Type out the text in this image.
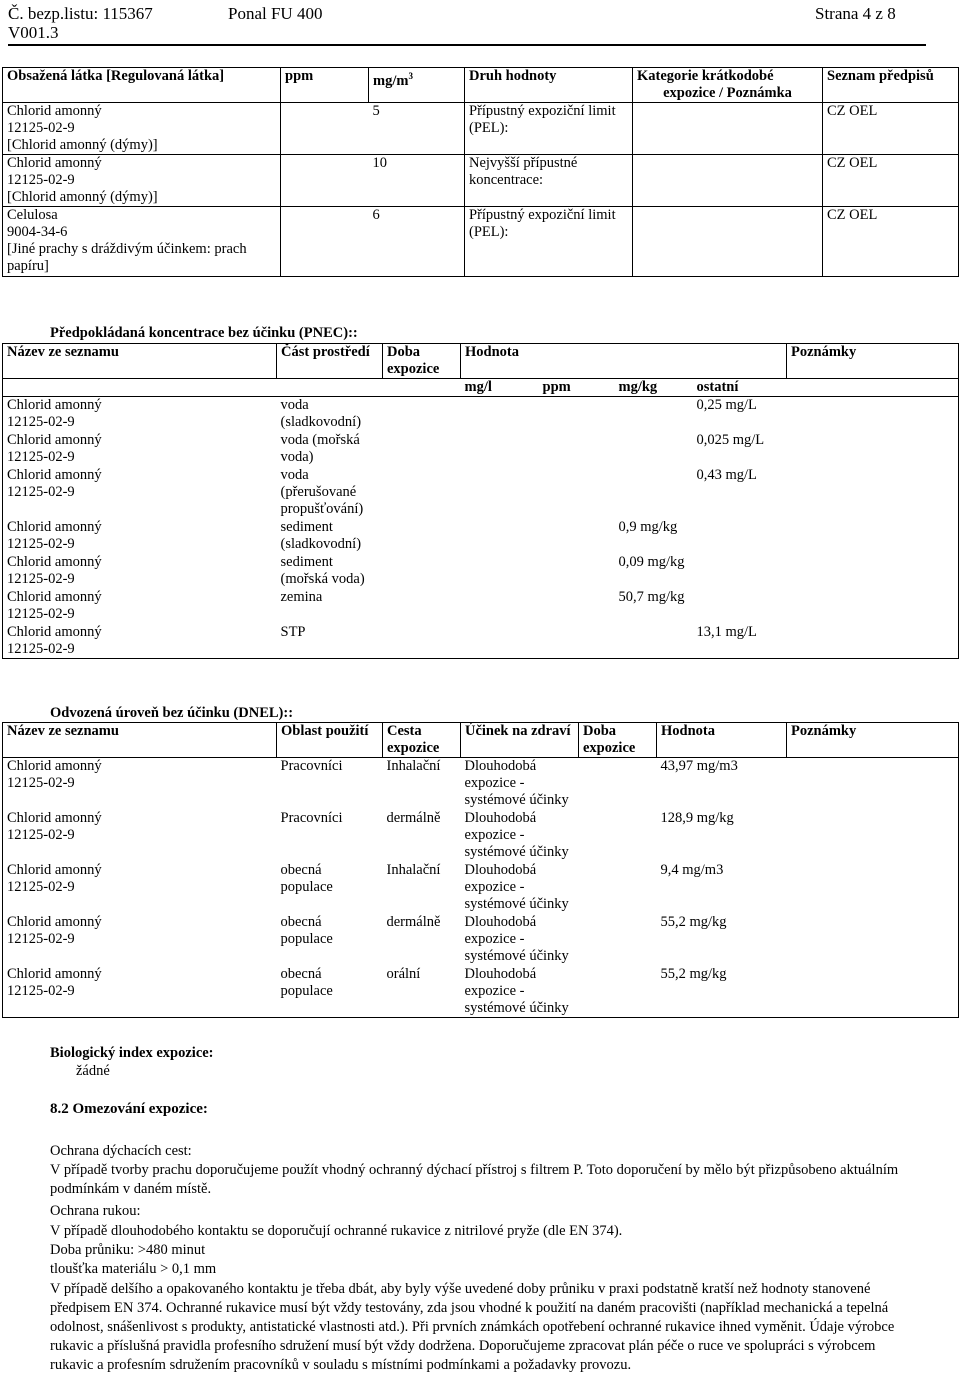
Č. bezp.listu: 115367
V001.3
Ponal FU 400	Strana 4 z 8
Obsažená látka [Regulovaná látka]	ppm	$mg/m^3$	Druh hodnoty	Kategorie krátkodobé
expozice / Poznámka	Seznam předpisů

Chlorid amonný
12125-02-9
[Chlorid amonný (dýmy)]		5	Přípustný expoziční limit
(PEL):		CZ OEL

Chlorid amonný
12125-02-9
[Chlorid amonný (dýmy)]		10	Nejvyšší přípustné
koncentrace:		CZ OEL

Celulosa
9004-34-6
[Jiné prachy s dráždivým účinkem: prach
papíru]		6	Přípustný expoziční limit
(PEL):		CZ OEL
Předpokládaná koncentrace bez účinku (PNEC)::
Název ze seznamu	Část prostředí	Doba
expozice	Hodnota				Poznámky
			mg/l	ppm	mg/kg	ostatní	

Chlorid amonný
12125-02-9	voda
(sladkovodní)					0,25 mg/L	

Chlorid amonný
12125-02-9	voda (mořská
voda)					0,025 mg/L	

Chlorid amonný
12125-02-9	voda
(přerušované
propušťování)					0,43 mg/L	

Chlorid amonný
12125-02-9	sediment
(sladkovodní)				0,9 mg/kg		

Chlorid amonný
12125-02-9	sediment
(mořská voda)				0,09 mg/kg		

Chlorid amonný
12125-02-9	zemina				50,7 mg/kg		

Chlorid amonný
12125-02-9	STP					13,1 mg/L	
Odvozená úroveň bez účinku (DNEL)::
Název ze seznamu	Oblast použití	Cesta
expozice	Účinek na zdraví	Doba
expozice	Hodnota	Poznámky

Chlorid amonný
12125-02-9	Pracovníci	Inhalační	Dlouhodobá
expozice -
systémové účinky		43,97 mg/m3	

Chlorid amonný
12125-02-9	Pracovníci	dermálně	Dlouhodobá
expozice -
systémové účinky		128,9 mg/kg	

Chlorid amonný
12125-02-9	obecná
populace	Inhalační	Dlouhodobá
expozice -
systémové účinky		9,4 mg/m3	

Chlorid amonný
12125-02-9	obecná
populace	dermálně	Dlouhodobá
expozice -
systémové účinky		55,2 mg/kg	

Chlorid amonný
12125-02-9	obecná
populace	orální	Dlouhodobá
expozice -
systémové účinky		55,2 mg/kg	
Biologický index expozice:
žádné
8.2 Omezování expozice:
Ochrana dýchacích cest:
V případě tvorby prachu doporučujeme použít vhodný ochranný dýchací přístroj s filtrem P. Toto doporučení by mělo být přizpůsobeno aktuálním podmínkám v daném místě.
Ochrana rukou:
V případě dlouhodobého kontaktu se doporučují ochranné rukavice z nitrilové pryže (dle EN 374).
Doba průniku: >480 minut
tloušťka materiálu > 0,1 mm
V případě delšího a opakovaného kontaktu je třeba dbát, aby byly výše uvedené doby průniku v praxi podstatně kratší než hodnoty stanovené předpisem EN 374. Ochranné rukavice musí být vždy testovány, zda jsou vhodné k použití na daném pracovišti (například mechanická a tepelná odolnost, snášenlivost s produkty, antistatické vlastnosti atd.). Při prvních známkách opotřebení ochranné rukavice ihned vyměnit. Údaje výrobce rukavic a příslušná pravidla profesního sdružení musí být vždy dodržena. Doporučujeme zpracovat plán péče o ruce ve spolupráci s výrobcem rukavic a profesním sdružením pracovníků v souladu s místními podmínkami a požadavky provozu.
